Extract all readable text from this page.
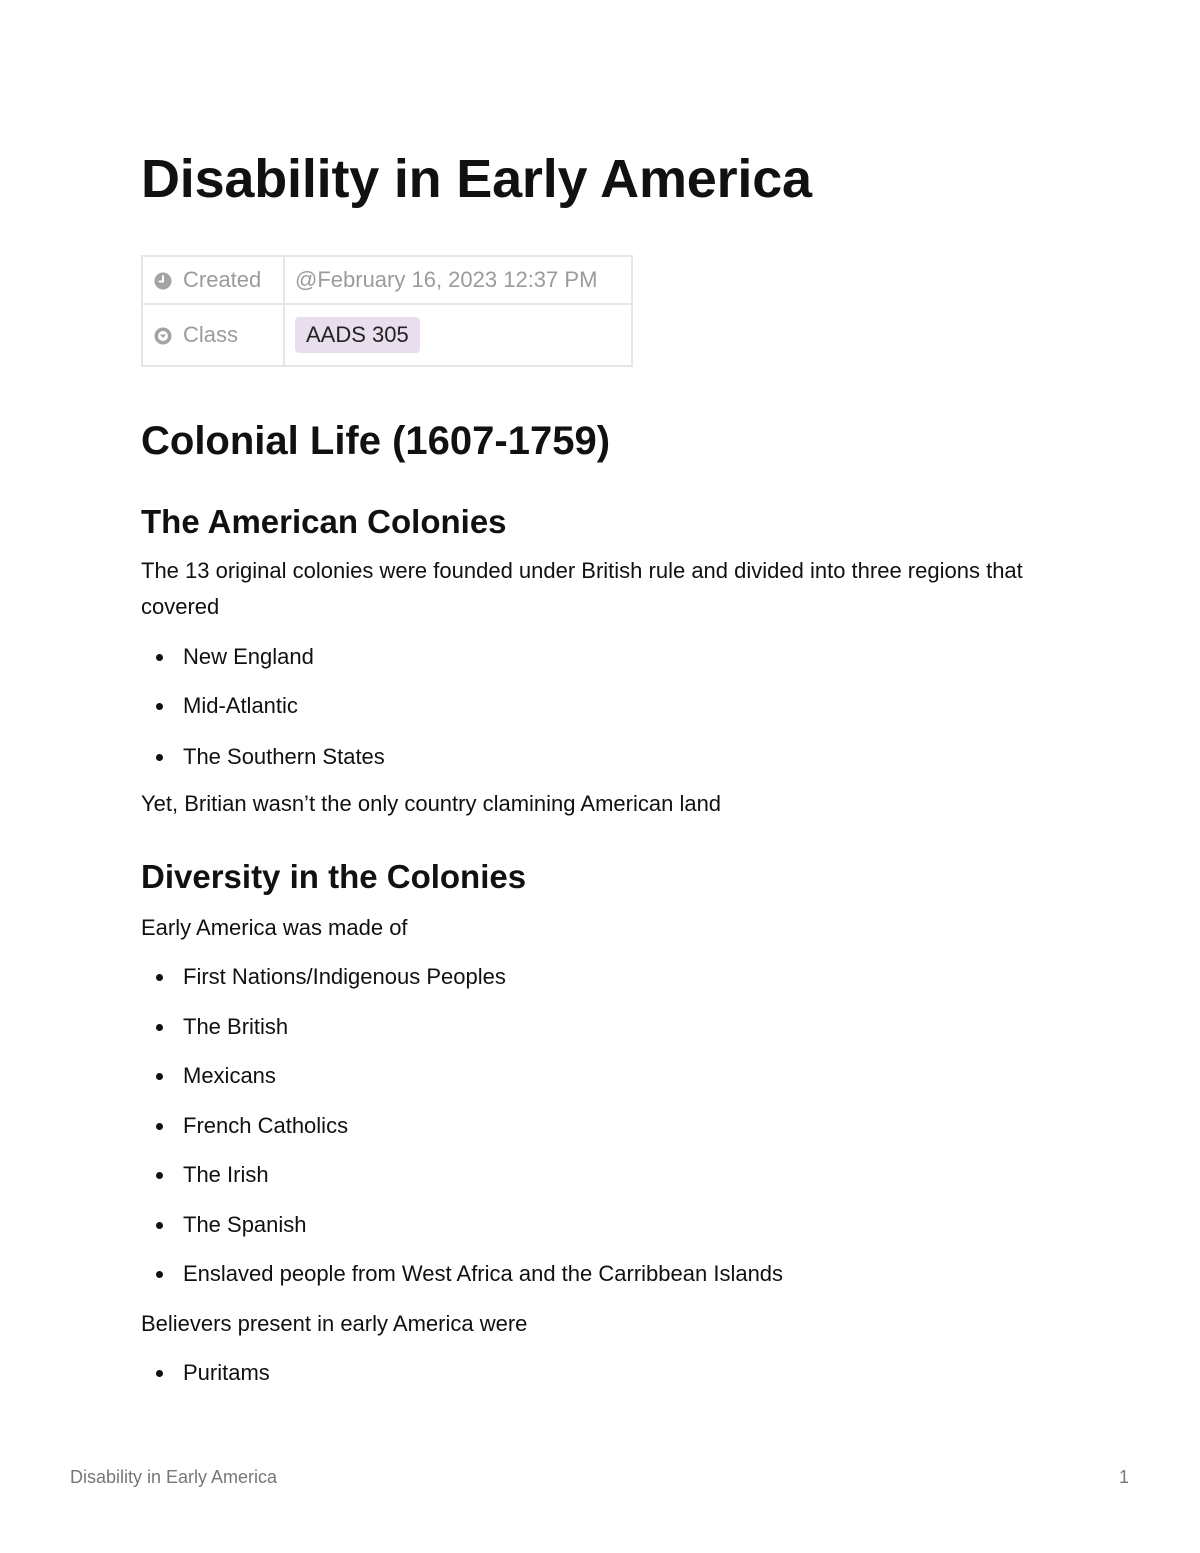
Disability in Early America
Created	@February 16, 2023 12:37 PM
Class	AADS 305
Colonial Life (1607-1759)
The American Colonies

The 13 original colonies were founded under British rule and divided into three regions that covered

New England
Mid-Atlantic
The Southern States

Yet, Britian wasn’t the only country clamining American land

Diversity in the Colonies

Early America was made of

First Nations/Indigenous Peoples
The British
Mexicans
French Catholics
The Irish
The Spanish
Enslaved people from West Africa and the Carribbean Islands

Believers present in early America were

Puritams
Disability in Early America	1
